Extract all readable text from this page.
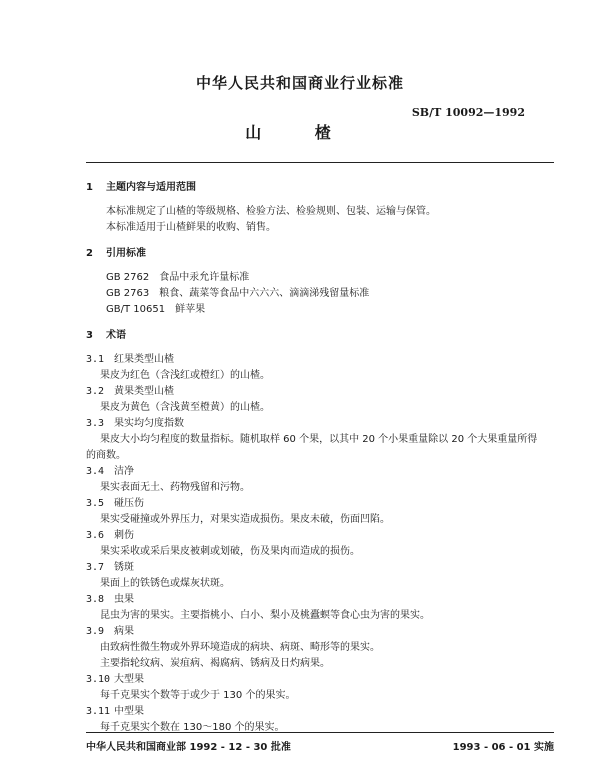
中华人民共和国商业行业标准
SB/T 10092—1992
山 楂

1 主题内容与适用范围

本标准规定了山楂的等级规格、检验方法、检验规则、包装、运输与保管。

本标准适用于山楂鲜果的收购、销售。

2 引用标准

GB 2762　食品中汞允许量标准

GB 2763　粮食、蔬菜等食品中六六六、滴滴涕残留量标准

GB/T 10651　鲜苹果

3 术语

3.1 红果类型山楂

果皮为红色（含浅红或橙红）的山楂。

3.2 黄果类型山楂

果皮为黄色（含浅黄至橙黄）的山楂。

3.3 果实均匀度指数

果皮大小均匀程度的数量指标。随机取样 60 个果，以其中 20 个小果重量除以 20 个大果重量所得

的商数。

3.4 洁净

果实表面无土、药物残留和污物。

3.5 碰压伤

果实受碰撞或外界压力，对果实造成损伤。果皮未破，伤面凹陷。

3.6 刺伤

果实采收或采后果皮被刺或划破，伤及果肉而造成的损伤。

3.7 锈斑

果面上的铁锈色或煤灰状斑。

3.8 虫果

昆虫为害的果实。主要指桃小、白小、梨小及桃蠹螟等食心虫为害的果实。

3.9 病果

由致病性微生物或外界环境造成的病块、病斑、畸形等的果实。

主要指轮纹病、炭疽病、褐腐病、锈病及日灼病果。

3.10 大型果

每千克果实个数等于或少于 130 个的果实。

3.11 中型果

每千克果实个数在 130～180 个的果实。

中华人民共和国商业部 1992 - 12 - 30 批准	1993 - 06 - 01 实施
